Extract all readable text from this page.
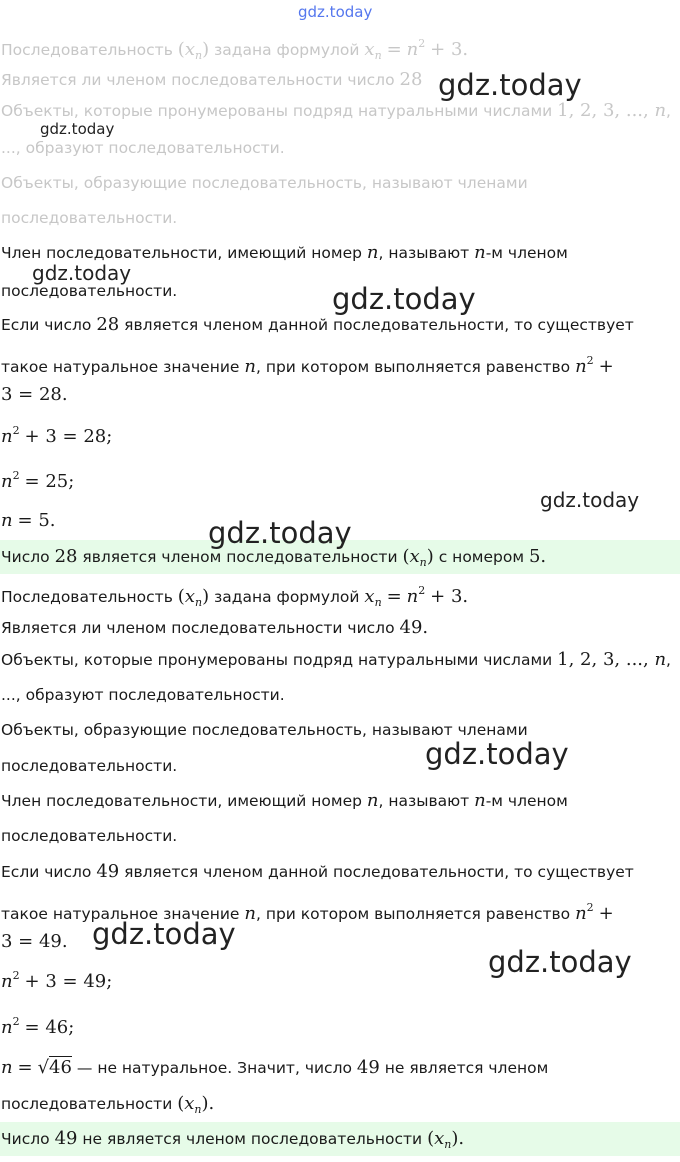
Последовательность $(x_n)$ задана формулой $x_n = n^2 + 3$.
Является ли членом последовательности число 28
Объекты, которые пронумерованы подряд натуральными числами 1, 2, 3, ..., n,
..., образуют последовательности.
Объекты, образующие последовательность, называют членами
последовательности.
Член последовательности, имеющий номер n, называют n-м членом
последовательности.
Если число 28 является членом данной последовательности, то существует
такое натуральное значение n, при котором выполняется равенство $n^2$ +
3 = 28.
$n^2 + 3 = 28$;
$n^2 = 25$;
n = 5.
Число 28 является членом последовательности $(x_n)$ с номером 5.
Последовательность $(x_n)$ задана формулой $x_n = n^2 + 3$.
Является ли членом последовательности число 49.
Объекты, которые пронумерованы подряд натуральными числами 1, 2, 3, ..., n,
..., образуют последовательности.
Объекты, образующие последовательность, называют членами
последовательности.
Член последовательности, имеющий номер n, называют n-м членом
последовательности.
Если число 49 является членом данной последовательности, то существует
такое натуральное значение n, при котором выполняется равенство $n^2$ +
3 = 49.
$n^2 + 3 = 49$;
$n^2 = 46$;
n = √46 — не натуральное. Значит, число 49 не является членом
последовательности $(x_n)$.
Число 49 не является членом последовательности $(x_n)$.
gdz.today
gdz.today
gdz.today
gdz.today
gdz.today
gdz.today
gdz.today
gdz.today
gdz.today
gdz.today
